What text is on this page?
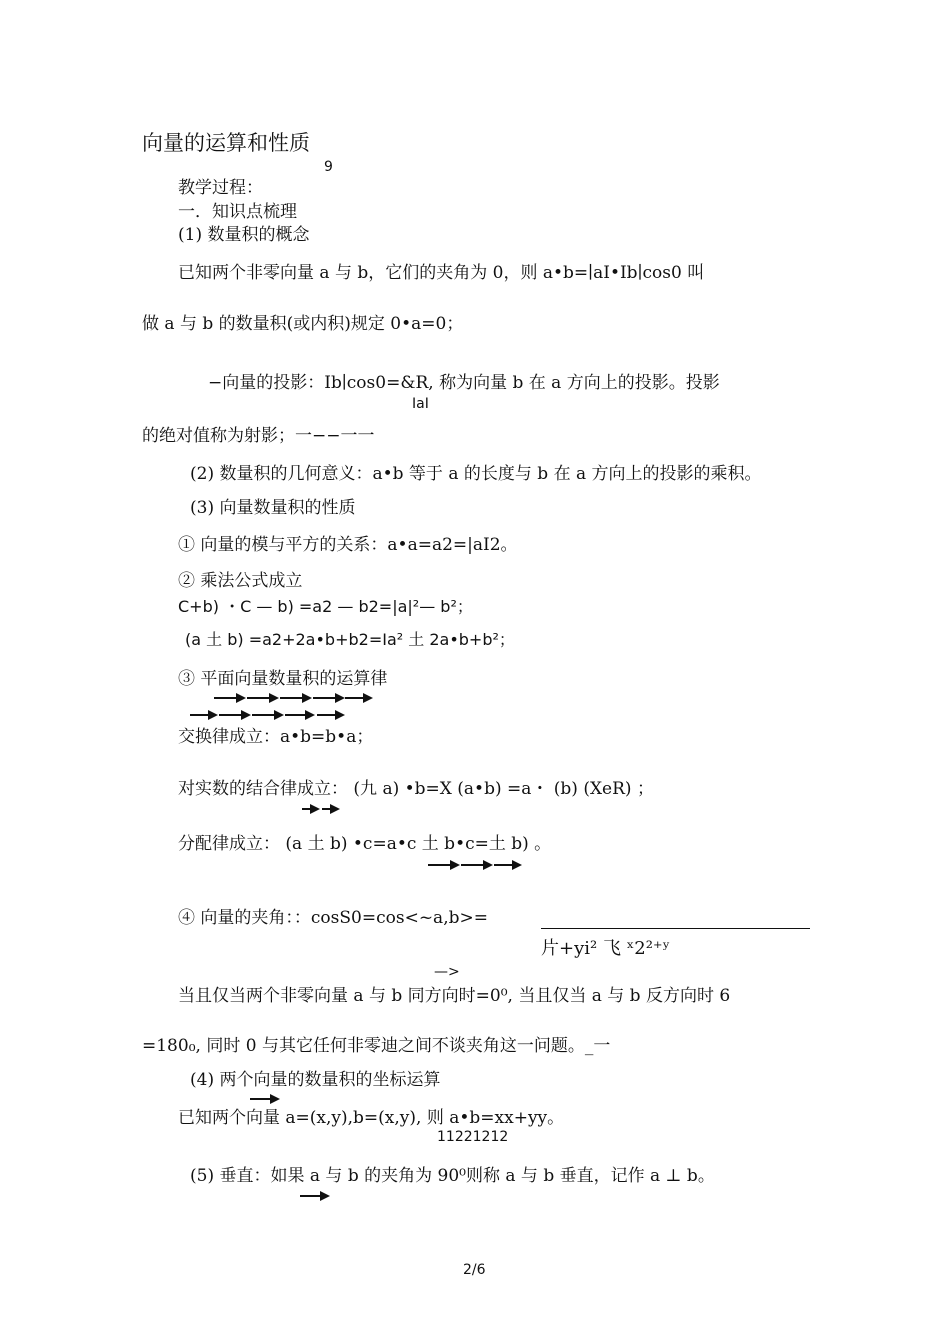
向量的运算和性质
9
教学过程：
一．知识点梳理
(1) 数量积的概念
已知两个非零向量 a 与 b，它们的夹角为 0，则 a•b=∣aI•Ib∣cos0 叫
做 a 与 b 的数量积(或内积)规定 0•a=0；
−向量的投影：Ib∣cos0=&R, 称为向量 b 在 a 方向上的投影。投影
IaI
的绝对值称为射影；一−−一一
(2) 数量积的几何意义：a•b 等于 a 的长度与 b 在 a 方向上的投影的乘积。
(3) 向量数量积的性质
① 向量的模与平方的关系：a•a=a2=|aI2。
② 乘法公式成立
C+b) ・C — b) =a2 — b2=|a|²— b²；
(a 土 b) =a2+2a•b+b2=Ia² 土 2a•b+b²；
③ 平面向量数量积的运算律
交换律成立：a•b=b•a；
对实数的结合律成立： (九 a) •b=X (a•b) =a・ (b) (XeR) ；
分配律成立： (a 土 b) •c=a•c 土 b•c=土 b) 。
④ 向量的夹角：：cosS0=cos<~a,b>=
片+yi² 飞 ˣ2²⁺ʸ
—>
当且仅当两个非零向量 a 与 b 同方向时=0⁰, 当且仅当 a 与 b 反方向时 6
=180₀, 同时 0 与其它任何非零迪之间不谈夹角这一问题。_一
(4) 两个向量的数量积的坐标运算
已知两个向量 a=(x,y),b=(x,y), 则 a•b=xx+yy。
11221212
(5) 垂直：如果 a 与 b 的夹角为 90⁰则称 a 与 b 垂直，记作 a ⊥ b。
2/6
